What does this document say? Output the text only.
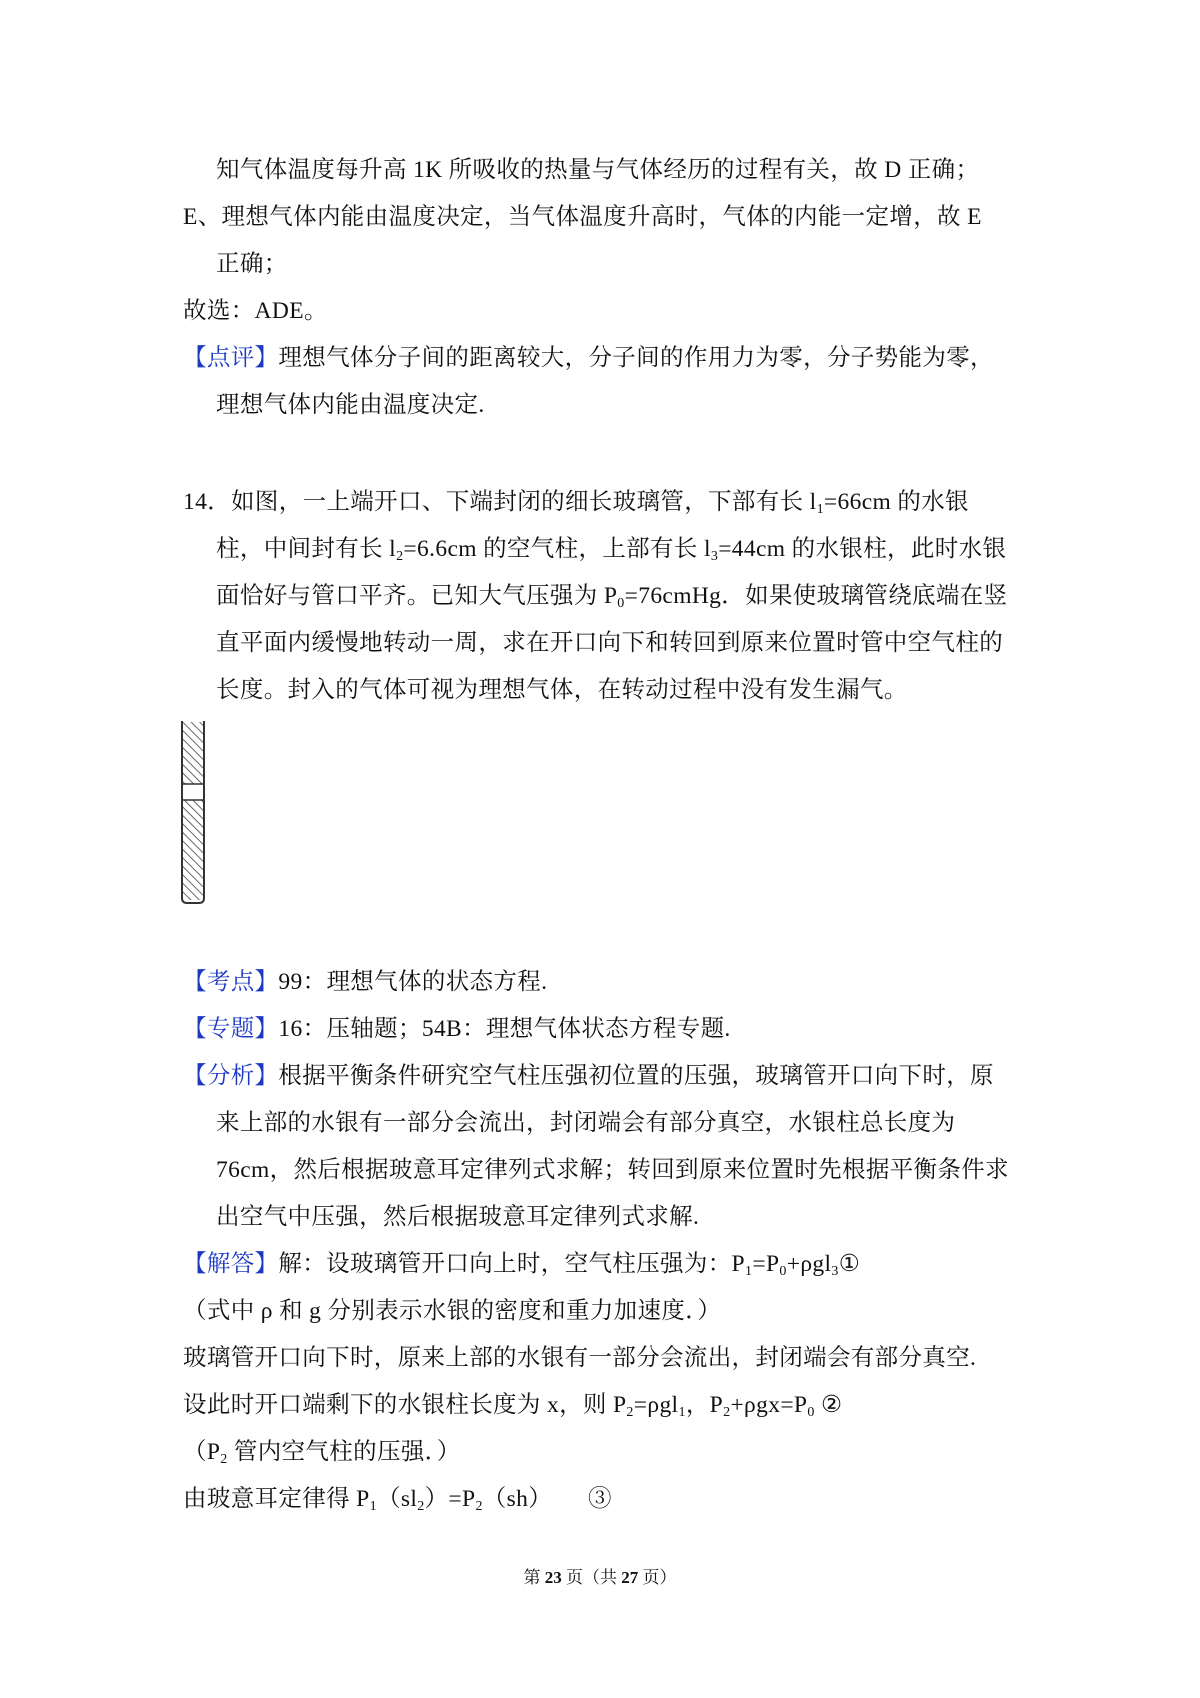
知气体温度每升高 1K 所吸收的热量与气体经历的过程有关，故 D 正确；
E、理想气体内能由温度决定，当气体温度升高时，气体的内能一定增，故 E
正确；
故选：ADE。
【点评】理想气体分子间的距离较大，分子间的作用力为零，分子势能为零，
理想气体内能由温度决定.
14．如图，一上端开口、下端封闭的细长玻璃管，下部有长 $l_1=66cm$ 的水银
柱，中间封有长 $l_2=6.6cm$ 的空气柱，上部有长 $l_3=44cm$ 的水银柱，此时水银
面恰好与管口平齐。已知大气压强为 $P_0=76cmHg$．如果使玻璃管绕底端在竖
直平面内缓慢地转动一周，求在开口向下和转回到原来位置时管中空气柱的
长度。封入的气体可视为理想气体，在转动过程中没有发生漏气。
【考点】99：理想气体的状态方程.
【专题】16：压轴题；54B：理想气体状态方程专题.
【分析】根据平衡条件研究空气柱压强初位置的压强，玻璃管开口向下时，原
来上部的水银有一部分会流出，封闭端会有部分真空，水银柱总长度为
76cm，然后根据玻意耳定律列式求解；转回到原来位置时先根据平衡条件求
出空气中压强，然后根据玻意耳定律列式求解.
【解答】解：设玻璃管开口向上时，空气柱压强为：$P_1=P_0+\rho gl_3①$
（式中 ρ 和 g 分别表示水银的密度和重力加速度．）
玻璃管开口向下时，原来上部的水银有一部分会流出，封闭端会有部分真空.
设此时开口端剩下的水银柱长度为 x，则 $P_2=\rho gl_1$，$P_2+\rho gx=P_0$ ②
（$P_2$ 管内空气柱的压强．）
由玻意耳定律得 $P_1(sl_2)=P_2(sh)$　　③
第 23 页（共 27 页）
